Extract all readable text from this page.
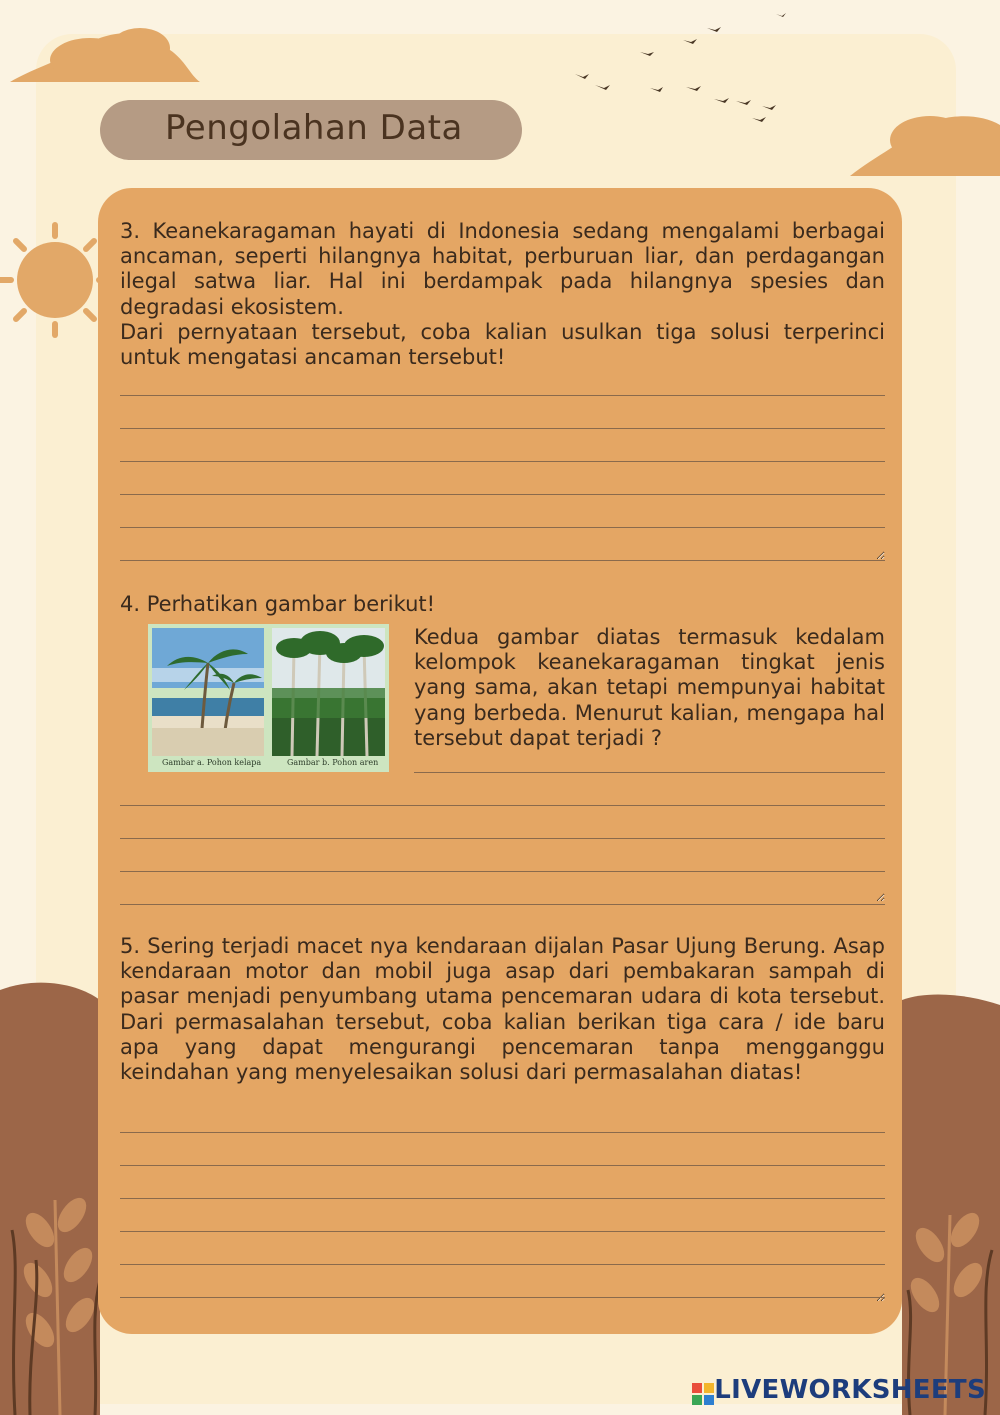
Pengolahan Data

3. Keanekaragaman hayati di Indonesia sedang mengalami berbagai ancaman, seperti hilangnya habitat, perburuan liar, dan perdagangan ilegal satwa liar. Hal ini berdampak pada hilangnya spesies dan degradasi ekosistem.

Dari pernyataan tersebut, coba kalian usulkan tiga solusi terperinci untuk mengatasi ancaman tersebut!

4. Perhatikan gambar berikut!
Gambar a. Pohon kelapa	Gambar b. Pohon aren
Kedua gambar diatas termasuk kedalam kelompok keanekaragaman tingkat jenis yang sama, akan tetapi mempunyai habitat yang berbeda. Menurut kalian, mengapa hal tersebut dapat terjadi ?
5. Sering terjadi macet nya kendaraan dijalan Pasar Ujung Berung. Asap kendaraan motor dan mobil juga asap dari pembakaran sampah di pasar menjadi penyumbang utama pencemaran udara di kota tersebut. Dari permasalahan tersebut, coba kalian berikan tiga cara / ide baru apa yang dapat mengurangi pencemaran tanpa mengganggu keindahan yang menyelesaikan solusi dari permasalahan diatas!
LIVEWORKSHEETS
